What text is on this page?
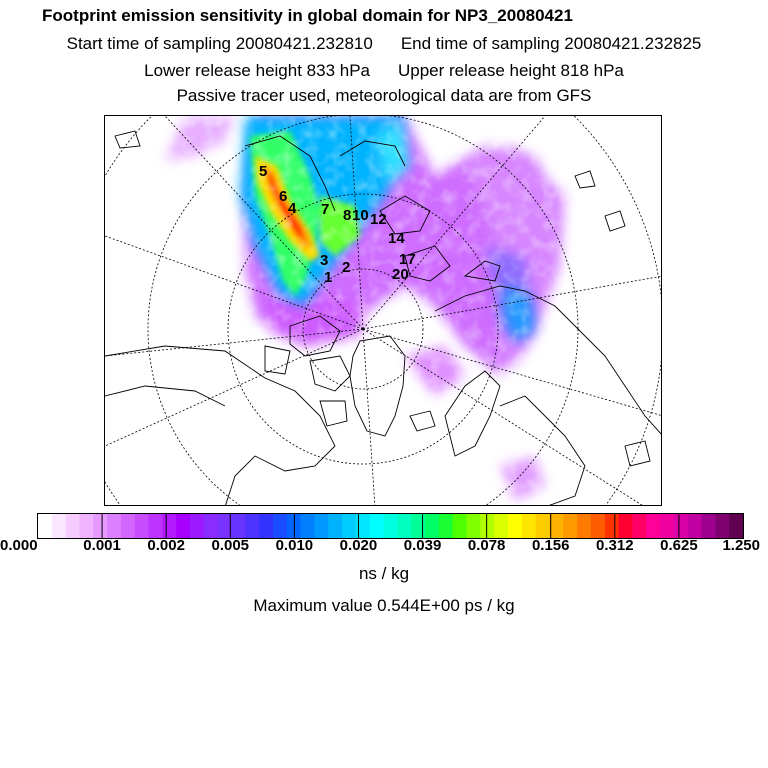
Footprint emission sensitivity in global domain for NP3_20080421
Start time of sampling 20080421.232810 End time of sampling 20080421.232825
Lower release height 833 hPa Upper release height 818 hPa
Passive tracer used, meteorological data are from GFS
1
2
3
4
5
6
7 8 10 12
14
17
20
0.000	0.001 0.002 0.005 0.010 0.020 0.039 0.078 0.156 0.312 0.625 1.250
ns / kg
Maximum value 0.544E+00 ps / kg
